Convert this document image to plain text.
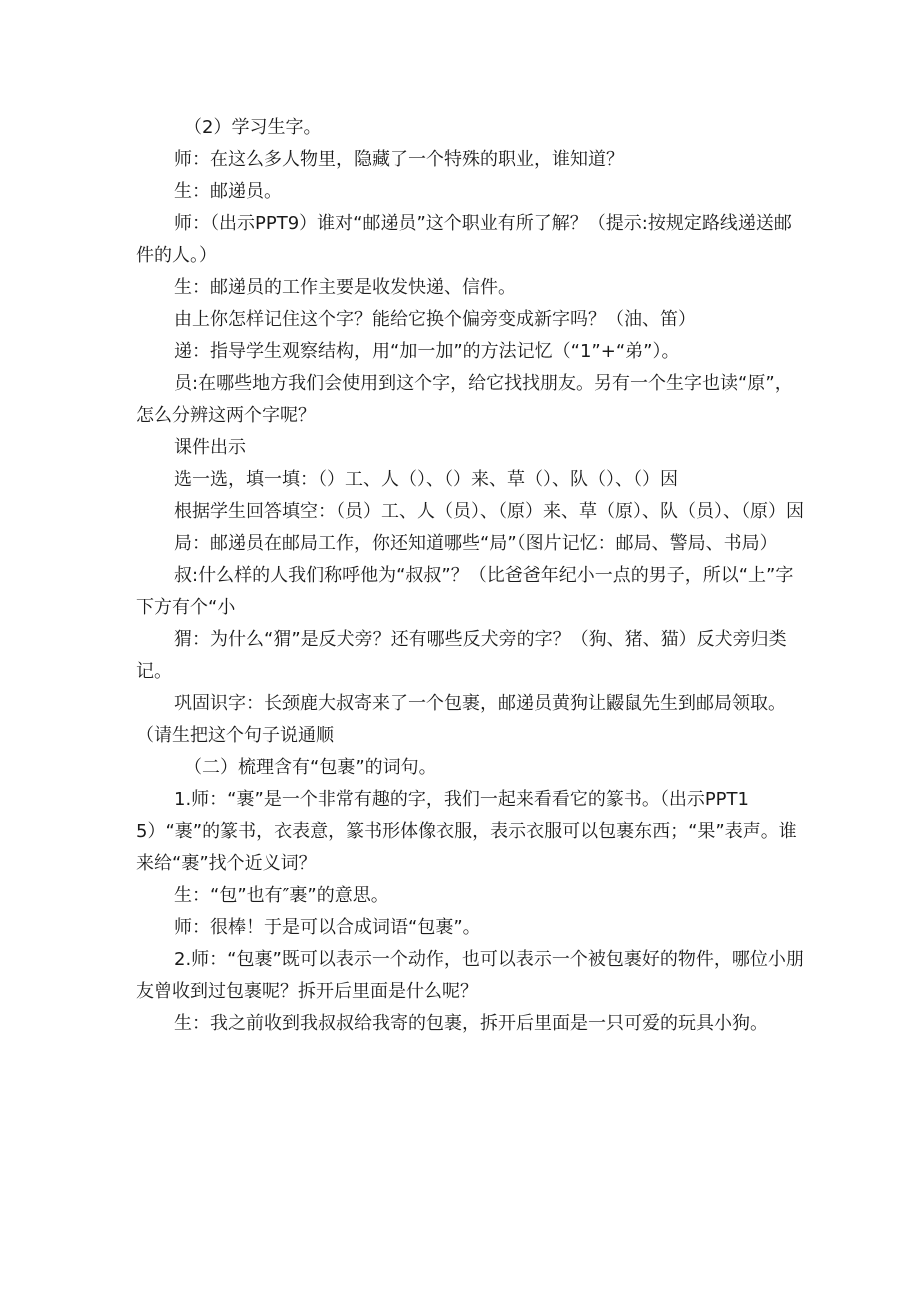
（2）学习生字。

师：在这么多人物里，隐藏了一个特殊的职业，谁知道？

生：邮递员。

师：（出示PPT9）谁对“邮递员”这个职业有所了解？（提示:按规定路线递送邮件的人。）

生：邮递员的工作主要是收发快递、信件。

由上你怎样记住这个字？能给它换个偏旁变成新字吗？（油、笛）

递：指导学生观察结构，用“加一加”的方法记忆（“1”+“弟”）。

员:在哪些地方我们会使用到这个字，给它找找朋友。另有一个生字也读“原”，怎么分辨这两个字呢？

课件出示

选一选，填一填：（）工、人（）、（）来、草（）、队（）、（）因

根据学生回答填空：（员）工、人（员）、（原）来、草（原）、队（员）、（原）因

局：邮递员在邮局工作，你还知道哪些“局”（图片记忆：邮局、警局、书局）

叔:什么样的人我们称呼他为“叔叔”？（比爸爸年纪小一点的男子，所以“上”字下方有个“小

猬：为什么“猬”是反犬旁？还有哪些反犬旁的字？（狗、猪、猫）反犬旁归类记。

巩固识字：长颈鹿大叔寄来了一个包裹，邮递员黄狗让鼹鼠先生到邮局领取。（请生把这个句子说通顺

（二）梳理含有“包裹”的词句。

1.师：“裹”是一个非常有趣的字，我们一起来看看它的篆书。（出示PPT15）“裹”的篆书，衣表意，篆书形体像衣服，表示衣服可以包裹东西；“果”表声。谁来给“裹”找个近义词？

生：“包”也有″裹”的意思。

师：很棒！于是可以合成词语“包裹”。

2.师：“包裹”既可以表示一个动作，也可以表示一个被包裹好的物件，哪位小朋友曾收到过包裹呢？拆开后里面是什么呢？

生：我之前收到我叔叔给我寄的包裹，拆开后里面是一只可爱的玩具小狗。
